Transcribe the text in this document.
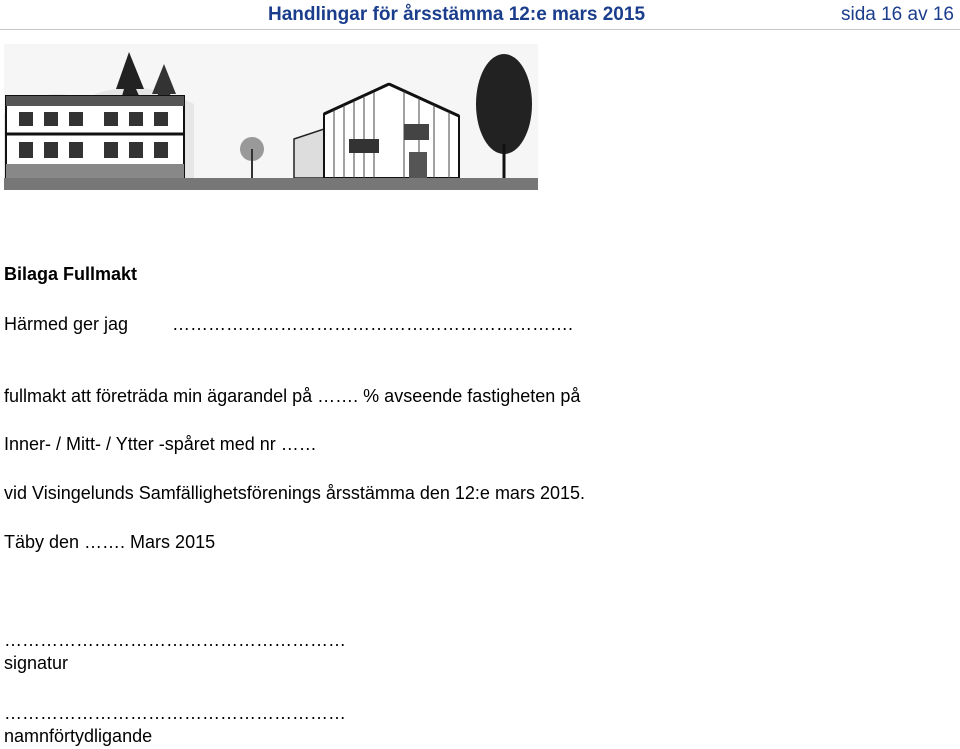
Handlingar för årsstämma 12:e mars 2015	sida 16 av 16
Bilaga Fullmakt
Härmed ger jag ………………………………………………………….
fullmakt att företräda min ägarandel på ……. % avseende fastigheten på
Inner- / Mitt- / Ytter -spåret med nr ……
vid Visingelunds Samfällighetsförenings årsstämma den 12:e mars 2015.
Täby den ……. Mars 2015
…………………………………………………
signatur
…………………………………………………
namnförtydligande
